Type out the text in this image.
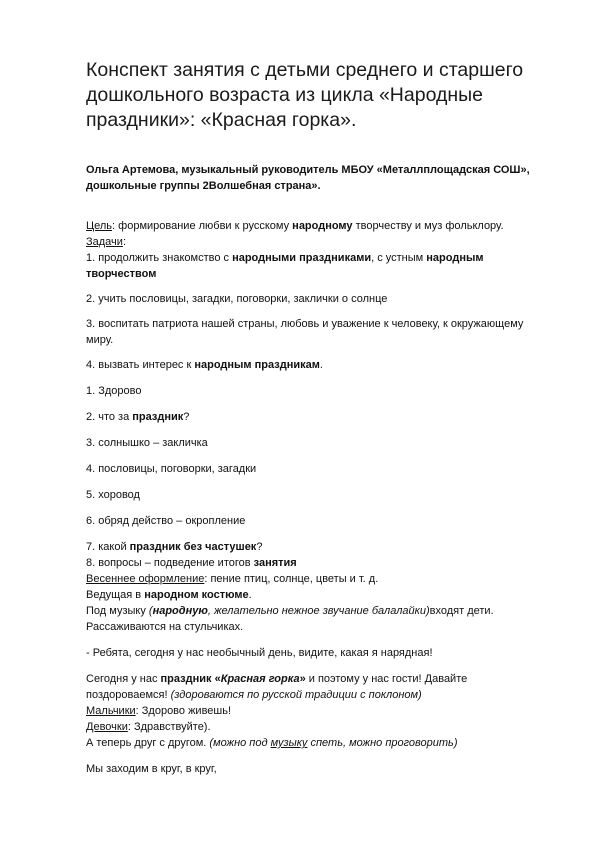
Конспект занятия с детьми среднего и старшего дошкольного возраста из цикла «Народные праздники»: «Красная горка».

Ольга Артемова, музыкальный руководитель МБОУ «Металлплощадская СОШ», дошкольные группы 2Волшебная страна».

Цель: формирование любви к русскому народному творчеству и муз фольклору.

Задачи:

1. продолжить знакомство с народными праздниками, с устным народным творчеством

2. учить пословицы, загадки, поговорки, заклички о солнце

3. воспитать патриота нашей страны, любовь и уважение к человеку, к окружающему миру.

4. вызвать интерес к народным праздникам.

1. Здорово

2. что за праздник?

3. солнышко – закличка

4. пословицы, поговорки, загадки

5. хоровод

6. обряд действо – окропление

7. какой праздник без частушек?

8. вопросы – подведение итогов занятия

Весеннее оформление: пение птиц, солнце, цветы и т. д.

Ведущая в народном костюме.

Под музыку (народную, желательно нежное звучание балалайки)входят дети. Рассаживаются на стульчиках.

- Ребята, сегодня у нас необычный день, видите, какая я нарядная!

Сегодня у нас праздник «Красная горка» и поэтому у нас гости! Давайте поздороваемся! (здороваются по русской традиции с поклоном)

Мальчики: Здорово живешь!

Девочки: Здравствуйте).

А теперь друг с другом. (можно под музыку спеть, можно проговорить)

Мы заходим в круг, в круг,
